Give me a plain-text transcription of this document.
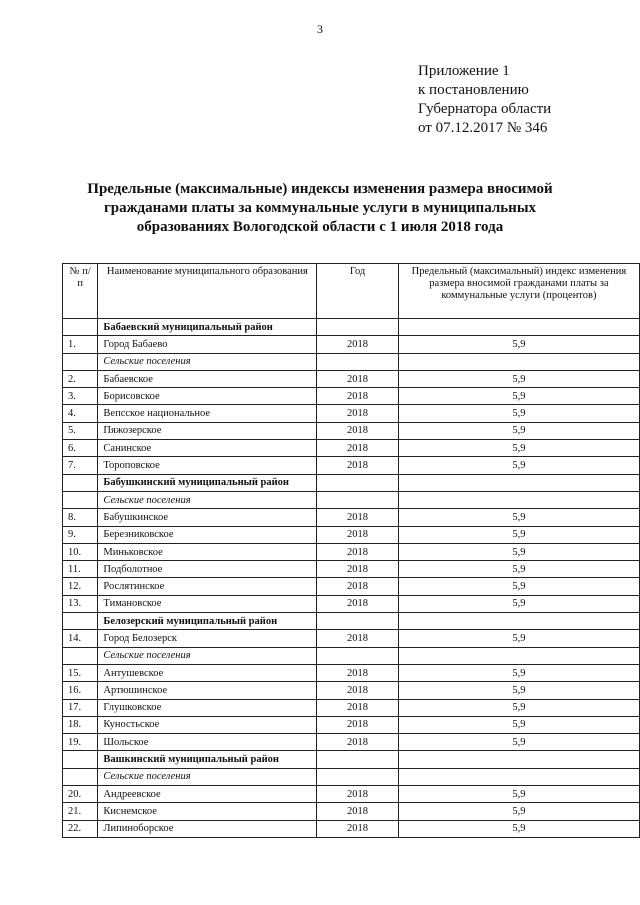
3
Приложение 1
к постановлению
Губернатора области
от 07.12.2017 № 346
Предельные (максимальные) индексы изменения размера вносимой
гражданами платы за коммунальные услуги в муниципальных
образованиях Вологодской области с 1 июля 2018 года
№ п/п	Наименование муниципального образования	Год	Предельный (максимальный) индекс изменения размера вносимой гражданами платы за коммунальные услуги (процентов)
	Бабаевский муниципальный район		
1.	Город Бабаево	2018	5,9
	Сельские поселения		
2.	Бабаевское	2018	5,9
3.	Борисовское	2018	5,9
4.	Вепсское национальное	2018	5,9
5.	Пяжозерское	2018	5,9
6.	Санинское	2018	5,9
7.	Тороповское	2018	5,9
	Бабушкинский муниципальный район		
	Сельские поселения		
8.	Бабушкинское	2018	5,9
9.	Березниковское	2018	5,9
10.	Миньковское	2018	5,9
11.	Подболотное	2018	5,9
12.	Рослятинское	2018	5,9
13.	Тимановское	2018	5,9
	Белозерский муниципальный район		
14.	Город Белозерск	2018	5,9
	Сельские поселения		
15.	Антушевское	2018	5,9
16.	Артюшинское	2018	5,9
17.	Глушковское	2018	5,9
18.	Куностьское	2018	5,9
19.	Шольское	2018	5,9
	Вашкинский муниципальный район		
	Сельские поселения		
20.	Андреевское	2018	5,9
21.	Киснемское	2018	5,9
22.	Липиноборское	2018	5,9
